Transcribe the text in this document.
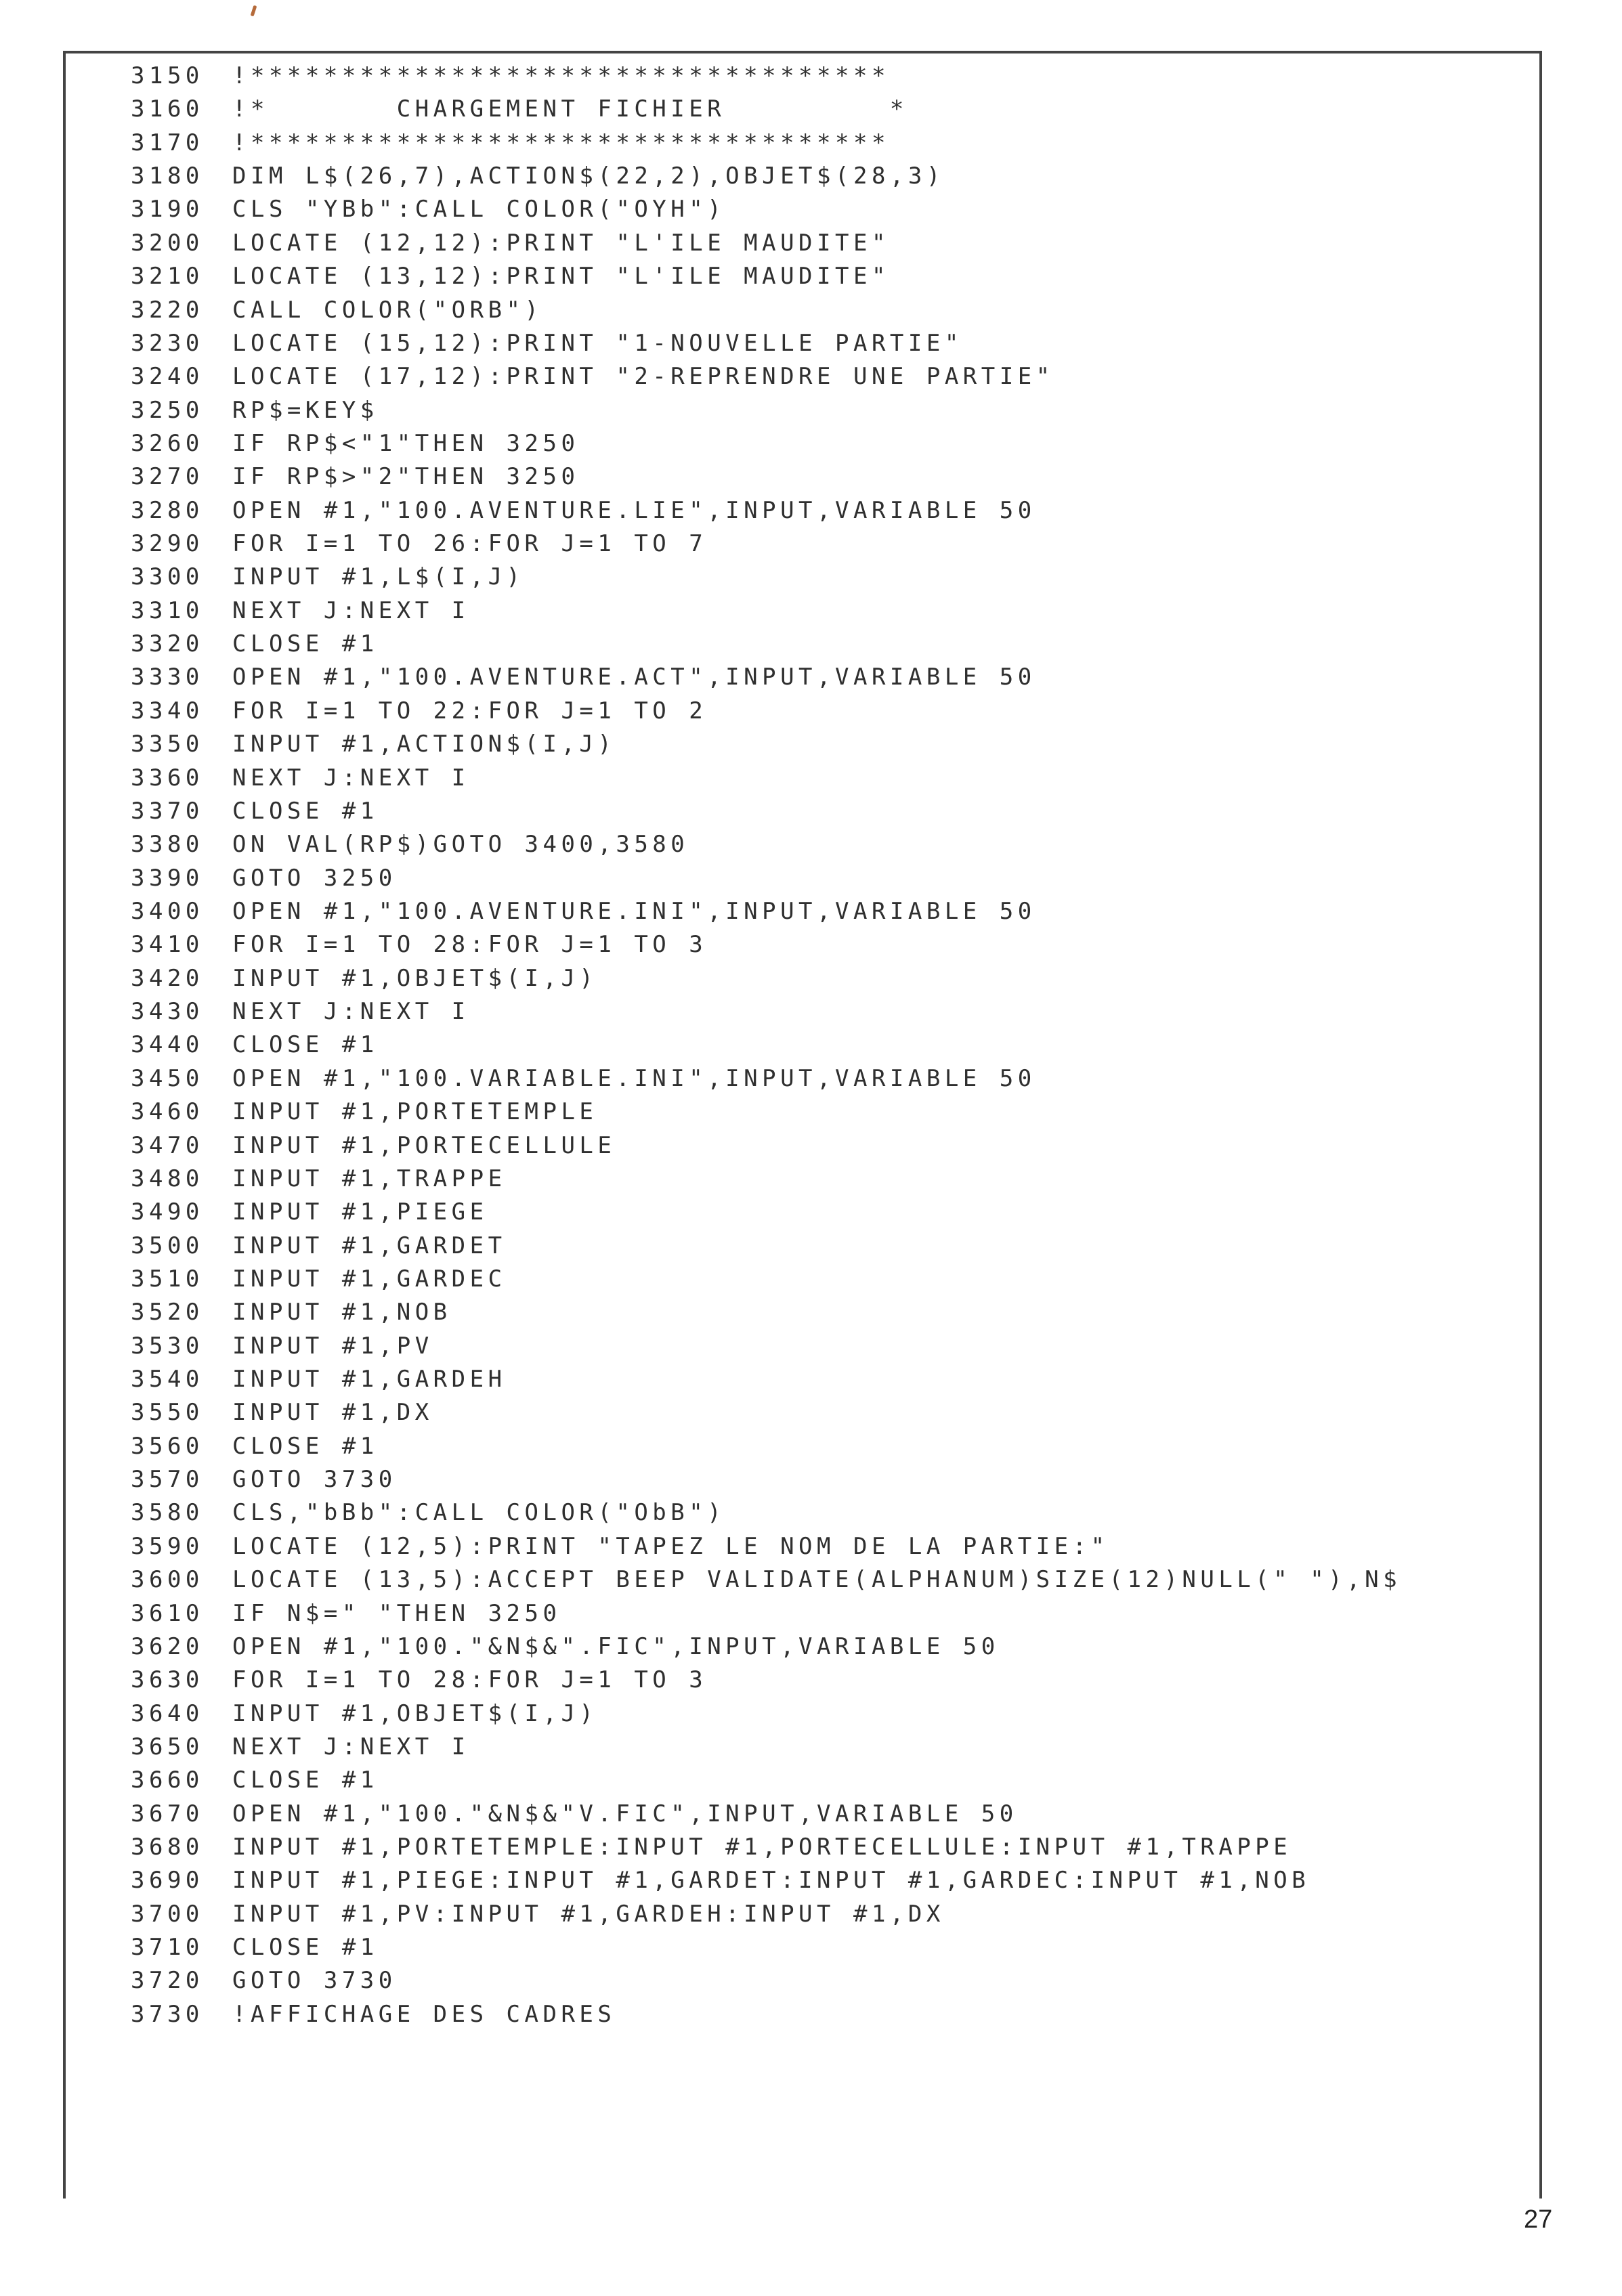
3150 !***********************************
3160 !*       CHARGEMENT FICHIER         *
3170 !***********************************
3180 DIM L$(26,7),ACTION$(22,2),OBJET$(28,3)
3190 CLS "YBb":CALL COLOR("OYH")
3200 LOCATE (12,12):PRINT "L'ILE MAUDITE"
3210 LOCATE (13,12):PRINT "L'ILE MAUDITE"
3220 CALL COLOR("ORB")
3230 LOCATE (15,12):PRINT "1-NOUVELLE PARTIE"
3240 LOCATE (17,12):PRINT "2-REPRENDRE UNE PARTIE"
3250 RP$=KEY$
3260 IF RP$<"1"THEN 3250
3270 IF RP$>"2"THEN 3250
3280 OPEN #1,"100.AVENTURE.LIE",INPUT,VARIABLE 50
3290 FOR I=1 TO 26:FOR J=1 TO 7
3300 INPUT #1,L$(I,J)
3310 NEXT J:NEXT I
3320 CLOSE #1
3330 OPEN #1,"100.AVENTURE.ACT",INPUT,VARIABLE 50
3340 FOR I=1 TO 22:FOR J=1 TO 2
3350 INPUT #1,ACTION$(I,J)
3360 NEXT J:NEXT I
3370 CLOSE #1
3380 ON VAL(RP$)GOTO 3400,3580
3390 GOTO 3250
3400 OPEN #1,"100.AVENTURE.INI",INPUT,VARIABLE 50
3410 FOR I=1 TO 28:FOR J=1 TO 3
3420 INPUT #1,OBJET$(I,J)
3430 NEXT J:NEXT I
3440 CLOSE #1
3450 OPEN #1,"100.VARIABLE.INI",INPUT,VARIABLE 50
3460 INPUT #1,PORTETEMPLE
3470 INPUT #1,PORTECELLULE
3480 INPUT #1,TRAPPE
3490 INPUT #1,PIEGE
3500 INPUT #1,GARDET
3510 INPUT #1,GARDEC
3520 INPUT #1,NOB
3530 INPUT #1,PV
3540 INPUT #1,GARDEH
3550 INPUT #1,DX
3560 CLOSE #1
3570 GOTO 3730
3580 CLS,"bBb":CALL COLOR("ObB")
3590 LOCATE (12,5):PRINT "TAPEZ LE NOM DE LA PARTIE:"
3600 LOCATE (13,5):ACCEPT BEEP VALIDATE(ALPHANUM)SIZE(12)NULL(" "),N$
3610 IF N$=" "THEN 3250
3620 OPEN #1,"100."&N$&".FIC",INPUT,VARIABLE 50
3630 FOR I=1 TO 28:FOR J=1 TO 3
3640 INPUT #1,OBJET$(I,J)
3650 NEXT J:NEXT I
3660 CLOSE #1
3670 OPEN #1,"100."&N$&"V.FIC",INPUT,VARIABLE 50
3680 INPUT #1,PORTETEMPLE:INPUT #1,PORTECELLULE:INPUT #1,TRAPPE
3690 INPUT #1,PIEGE:INPUT #1,GARDET:INPUT #1,GARDEC:INPUT #1,NOB
3700 INPUT #1,PV:INPUT #1,GARDEH:INPUT #1,DX
3710 CLOSE #1
3720 GOTO 3730
3730 !AFFICHAGE DES CADRES
27
